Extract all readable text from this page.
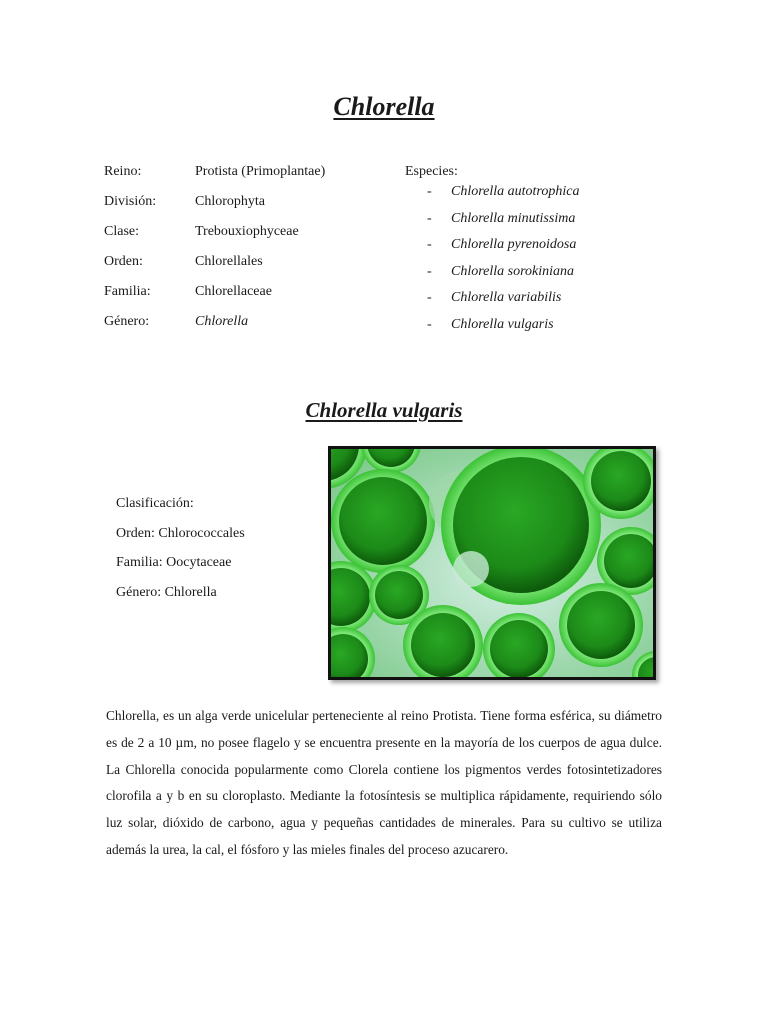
Chlorella
Reino:	Protista (Primoplantae)
División:	Chlorophyta
Clase:	Trebouxiophyceae
Orden:	Chlorellales
Familia:	Chlorellaceae
Género:	Chlorella
Especies:
- Chlorella autotrophica
- Chlorella minutissima
- Chlorella pyrenoidosa
- Chlorella sorokiniana
- Chlorella variabilis
- Chlorella vulgaris
Chlorella vulgaris
Clasificación:
Orden: Chlorococcales
Familia: Oocytaceae
Género: Chlorella

Chlorella, es un alga verde unicelular perteneciente al reino Protista. Tiene forma esférica, su diámetro es de 2 a 10 µm, no posee flagelo y se encuentra presente en la mayoría de los cuerpos de agua dulce. La Chlorella conocida popularmente como Clorela contiene los pigmentos verdes fotosintetizadores clorofila a y b en su cloroplasto. Mediante la fotosíntesis se multiplica rápidamente, requiriendo sólo luz solar, dióxido de carbono, agua y pequeñas cantidades de minerales. Para su cultivo se utiliza además la urea, la cal, el fósforo y las mieles finales del proceso azucarero.
